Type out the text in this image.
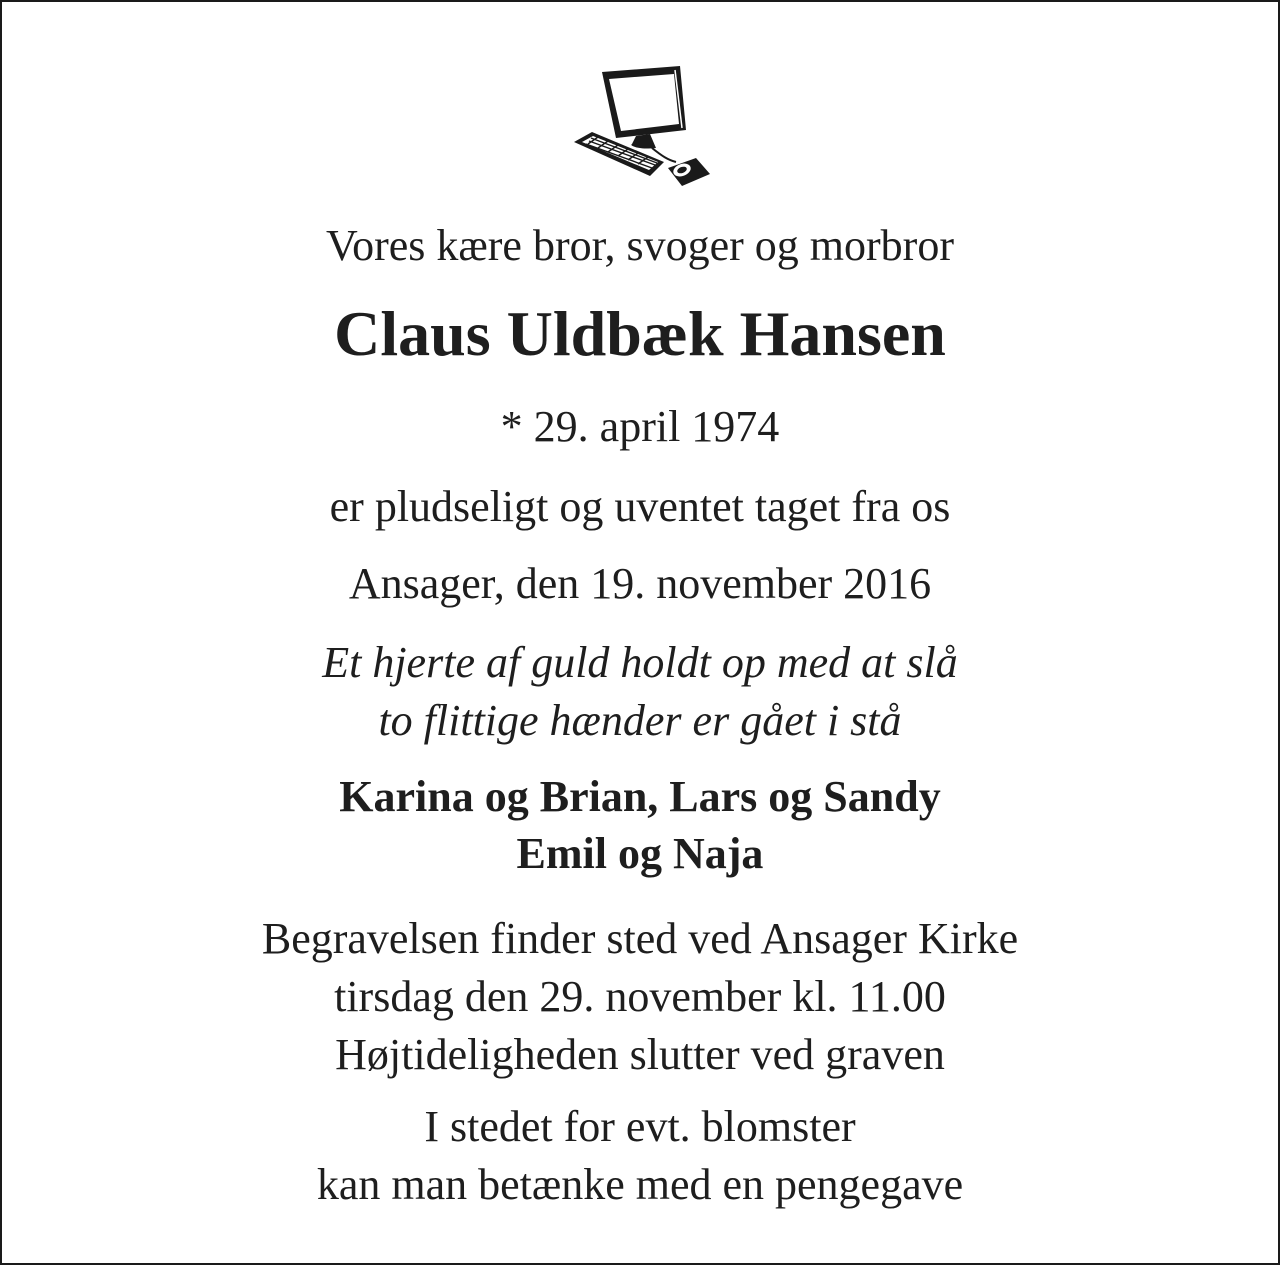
Vores kære bror, svoger og morbror
Claus Uldbæk Hansen
* 29. april 1974
er pludseligt og uventet taget fra os
Ansager, den 19. november 2016
Et hjerte af guld holdt op med at slå
to flittige hænder er gået i stå
Karina og Brian, Lars og Sandy
Emil og Naja
Begravelsen finder sted ved Ansager Kirke
tirsdag den 29. november kl. 11.00
Højtideligheden slutter ved graven
I stedet for evt. blomster
kan man betænke med en pengegave
